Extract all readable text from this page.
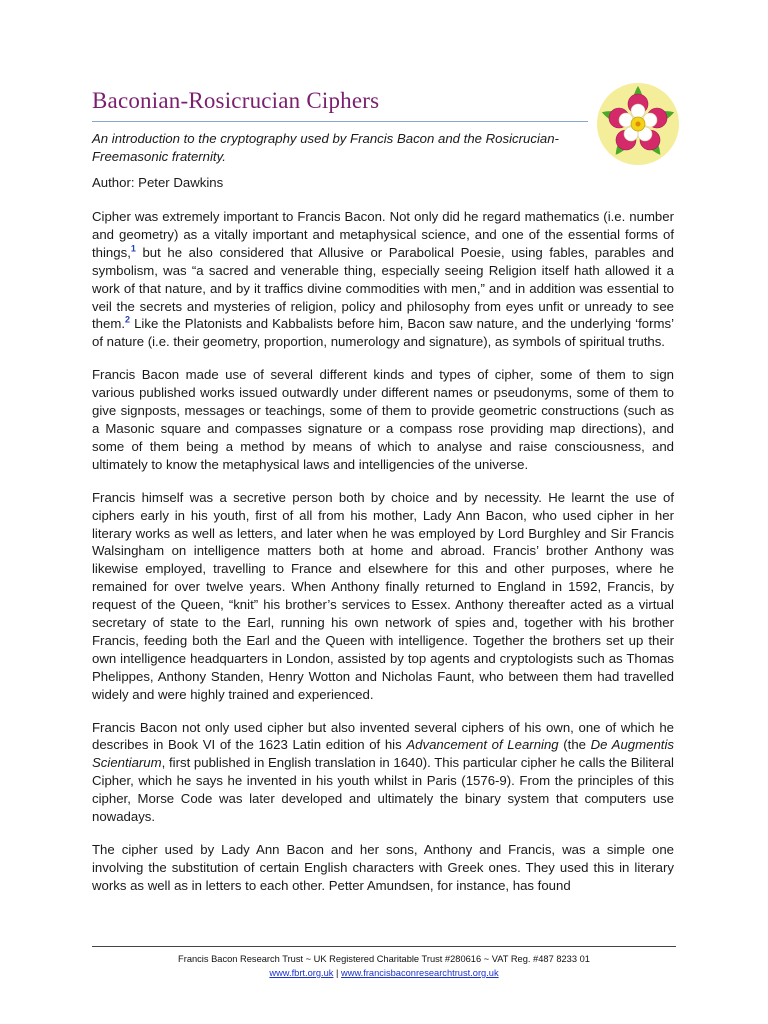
Baconian-Rosicrucian Ciphers
An introduction to the cryptography used by Francis Bacon and the Rosicrucian-Freemasonic fraternity.
Author: Peter Dawkins

Cipher was extremely important to Francis Bacon. Not only did he regard mathematics (i.e. number and geometry) as a vitally important and metaphysical science, and one of the essential forms of things,$^1$ but he also considered that Allusive or Parabolical Poesie, using fables, parables and symbolism, was “a sacred and venerable thing, especially seeing Religion itself hath allowed it a work of that nature, and by it traffics divine commodities with men,” and in addition was essential to veil the secrets and mysteries of religion, policy and philosophy from eyes unfit or unready to see them.$^2$ Like the Platonists and Kabbalists before him, Bacon saw nature, and the underlying ‘forms’ of nature (i.e. their geometry, proportion, numerology and signature), as symbols of spiritual truths.

Francis Bacon made use of several different kinds and types of cipher, some of them to sign various published works issued outwardly under different names or pseudonyms, some of them to give signposts, messages or teachings, some of them to provide geometric constructions (such as a Masonic square and compasses signature or a compass rose providing map directions), and some of them being a method by means of which to analyse and raise consciousness, and ultimately to know the metaphysical laws and intelligencies of the universe.

Francis himself was a secretive person both by choice and by necessity. He learnt the use of ciphers early in his youth, first of all from his mother, Lady Ann Bacon, who used cipher in her literary works as well as letters, and later when he was employed by Lord Burghley and Sir Francis Walsingham on intelligence matters both at home and abroad. Francis’ brother Anthony was likewise employed, travelling to France and elsewhere for this and other purposes, where he remained for over twelve years. When Anthony finally returned to England in 1592, Francis, by request of the Queen, “knit” his brother’s services to Essex. Anthony thereafter acted as a virtual secretary of state to the Earl, running his own network of spies and, together with his brother Francis, feeding both the Earl and the Queen with intelligence. Together the brothers set up their own intelligence headquarters in London, assisted by top agents and cryptologists such as Thomas Phelippes, Anthony Standen, Henry Wotton and Nicholas Faunt, who between them had travelled widely and were highly trained and experienced.

Francis Bacon not only used cipher but also invented several ciphers of his own, one of which he describes in Book VI of the 1623 Latin edition of his Advancement of Learning (the De Augmentis Scientiarum, first published in English translation in 1640). This particular cipher he calls the Biliteral Cipher, which he says he invented in his youth whilst in Paris (1576-9). From the principles of this cipher, Morse Code was later developed and ultimately the binary system that computers use nowadays.

The cipher used by Lady Ann Bacon and her sons, Anthony and Francis, was a simple one involving the substitution of certain English characters with Greek ones. They used this in literary works as well as in letters to each other. Petter Amundsen, for instance, has found

Francis Bacon Research Trust ~ UK Registered Charitable Trust #280616 ~ VAT Reg. #487 8233 01
www.fbrt.org.uk | www.francisbaconresearchtrust.org.uk
